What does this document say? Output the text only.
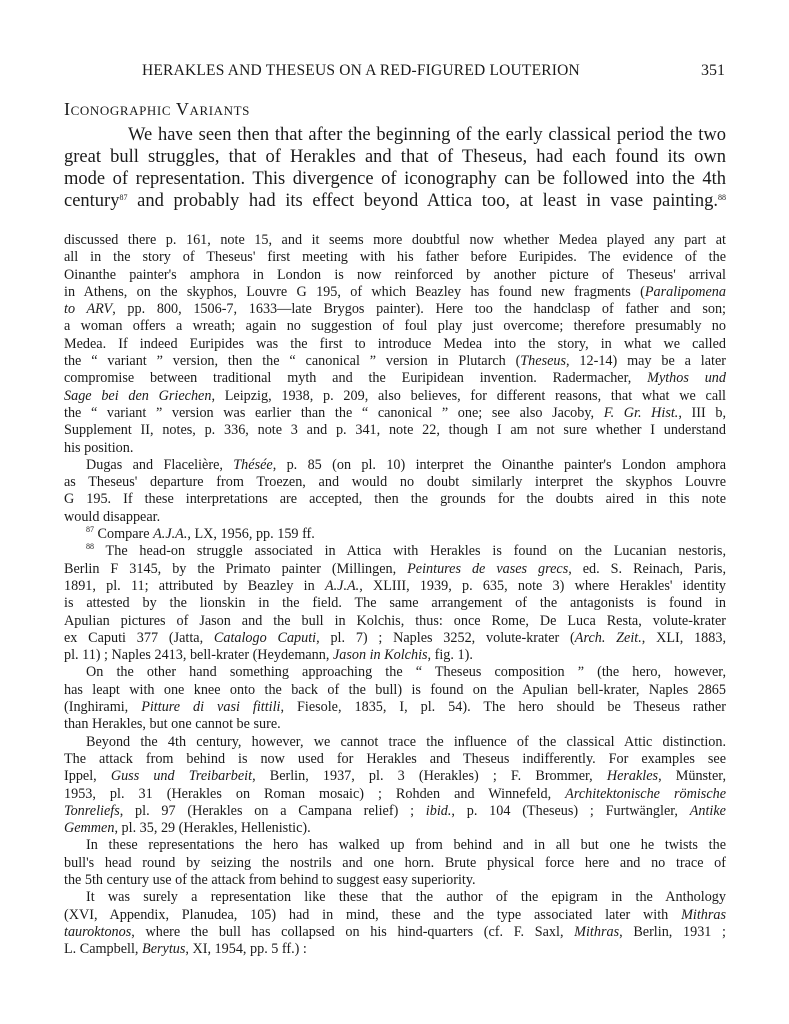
HERAKLES AND THESEUS ON A RED-FIGURED LOUTERION	351
Iconographic Variants
We have seen then that after the beginning of the early classical period the two
great bull struggles, that of Herakles and that of Theseus, had each found its own
mode of representation. This divergence of iconography can be followed into the 4th
century$^{87}$ and probably had its effect beyond Attica too, at least in vase painting.$^{88}$

discussed there p. 161, note 15, and it seems more doubtful now whether Medea played any part at
all in the story of Theseus' first meeting with his father before Euripides. The evidence of the
Oinanthe painter's amphora in London is now reinforced by another picture of Theseus' arrival
in Athens, on the skyphos, Louvre G 195, of which Beazley has found new fragments (Paralipomena
to ARV, pp. 800, 1506-7, 1633—late Brygos painter). Here too the handclasp of father and son;
a woman offers a wreath; again no suggestion of foul play just overcome; therefore presumably no
Medea. If indeed Euripides was the first to introduce Medea into the story, in what we called
the “ variant ” version, then the “ canonical ” version in Plutarch (Theseus, 12-14) may be a later
compromise between traditional myth and the Euripidean invention. Radermacher, Mythos und
Sage bei den Griechen, Leipzig, 1938, p. 209, also believes, for different reasons, that what we call
the “ variant ” version was earlier than the “ canonical ” one; see also Jacoby, F. Gr. Hist., III b,
Supplement II, notes, p. 336, note 3 and p. 341, note 22, though I am not sure whether I understand
his position.

Dugas and Flacelière, Thésée, p. 85 (on pl. 10) interpret the Oinanthe painter's London amphora
as Theseus' departure from Troezen, and would no doubt similarly interpret the skyphos Louvre
G 195. If these interpretations are accepted, then the grounds for the doubts aired in this note
would disappear.

$^{87}$ Compare A.J.A., LX, 1956, pp. 159 ff.

$^{88}$ The head-on struggle associated in Attica with Herakles is found on the Lucanian nestoris,
Berlin F 3145, by the Primato painter (Millingen, Peintures de vases grecs, ed. S. Reinach, Paris,
1891, pl. 11; attributed by Beazley in A.J.A., XLIII, 1939, p. 635, note 3) where Herakles' identity
is attested by the lionskin in the field. The same arrangement of the antagonists is found in
Apulian pictures of Jason and the bull in Kolchis, thus: once Rome, De Luca Resta, volute-krater
ex Caputi 377 (Jatta, Catalogo Caputi, pl. 7) ; Naples 3252, volute-krater (Arch. Zeit., XLI, 1883,
pl. 11) ; Naples 2413, bell-krater (Heydemann, Jason in Kolchis, fig. 1).

On the other hand something approaching the “ Theseus composition ” (the hero, however,
has leapt with one knee onto the back of the bull) is found on the Apulian bell-krater, Naples 2865
(Inghirami, Pitture di vasi fittili, Fiesole, 1835, I, pl. 54). The hero should be Theseus rather
than Herakles, but one cannot be sure.

Beyond the 4th century, however, we cannot trace the influence of the classical Attic distinction.
The attack from behind is now used for Herakles and Theseus indifferently. For examples see
Ippel, Guss und Treibarbeit, Berlin, 1937, pl. 3 (Herakles) ; F. Brommer, Herakles, Münster,
1953, pl. 31 (Herakles on Roman mosaic) ; Rohden and Winnefeld, Architektonische römische
Tonreliefs, pl. 97 (Herakles on a Campana relief) ; ibid., p. 104 (Theseus) ; Furtwängler, Antike
Gemmen, pl. 35, 29 (Herakles, Hellenistic).

In these representations the hero has walked up from behind and in all but one he twists the
bull's head round by seizing the nostrils and one horn. Brute physical force here and no trace of
the 5th century use of the attack from behind to suggest easy superiority.

It was surely a representation like these that the author of the epigram in the Anthology
(XVI, Appendix, Planudea, 105) had in mind, these and the type associated later with Mithras
tauroktonos, where the bull has collapsed on his hind-quarters (cf. F. Saxl, Mithras, Berlin, 1931 ;
L. Campbell, Berytus, XI, 1954, pp. 5 ff.) :
